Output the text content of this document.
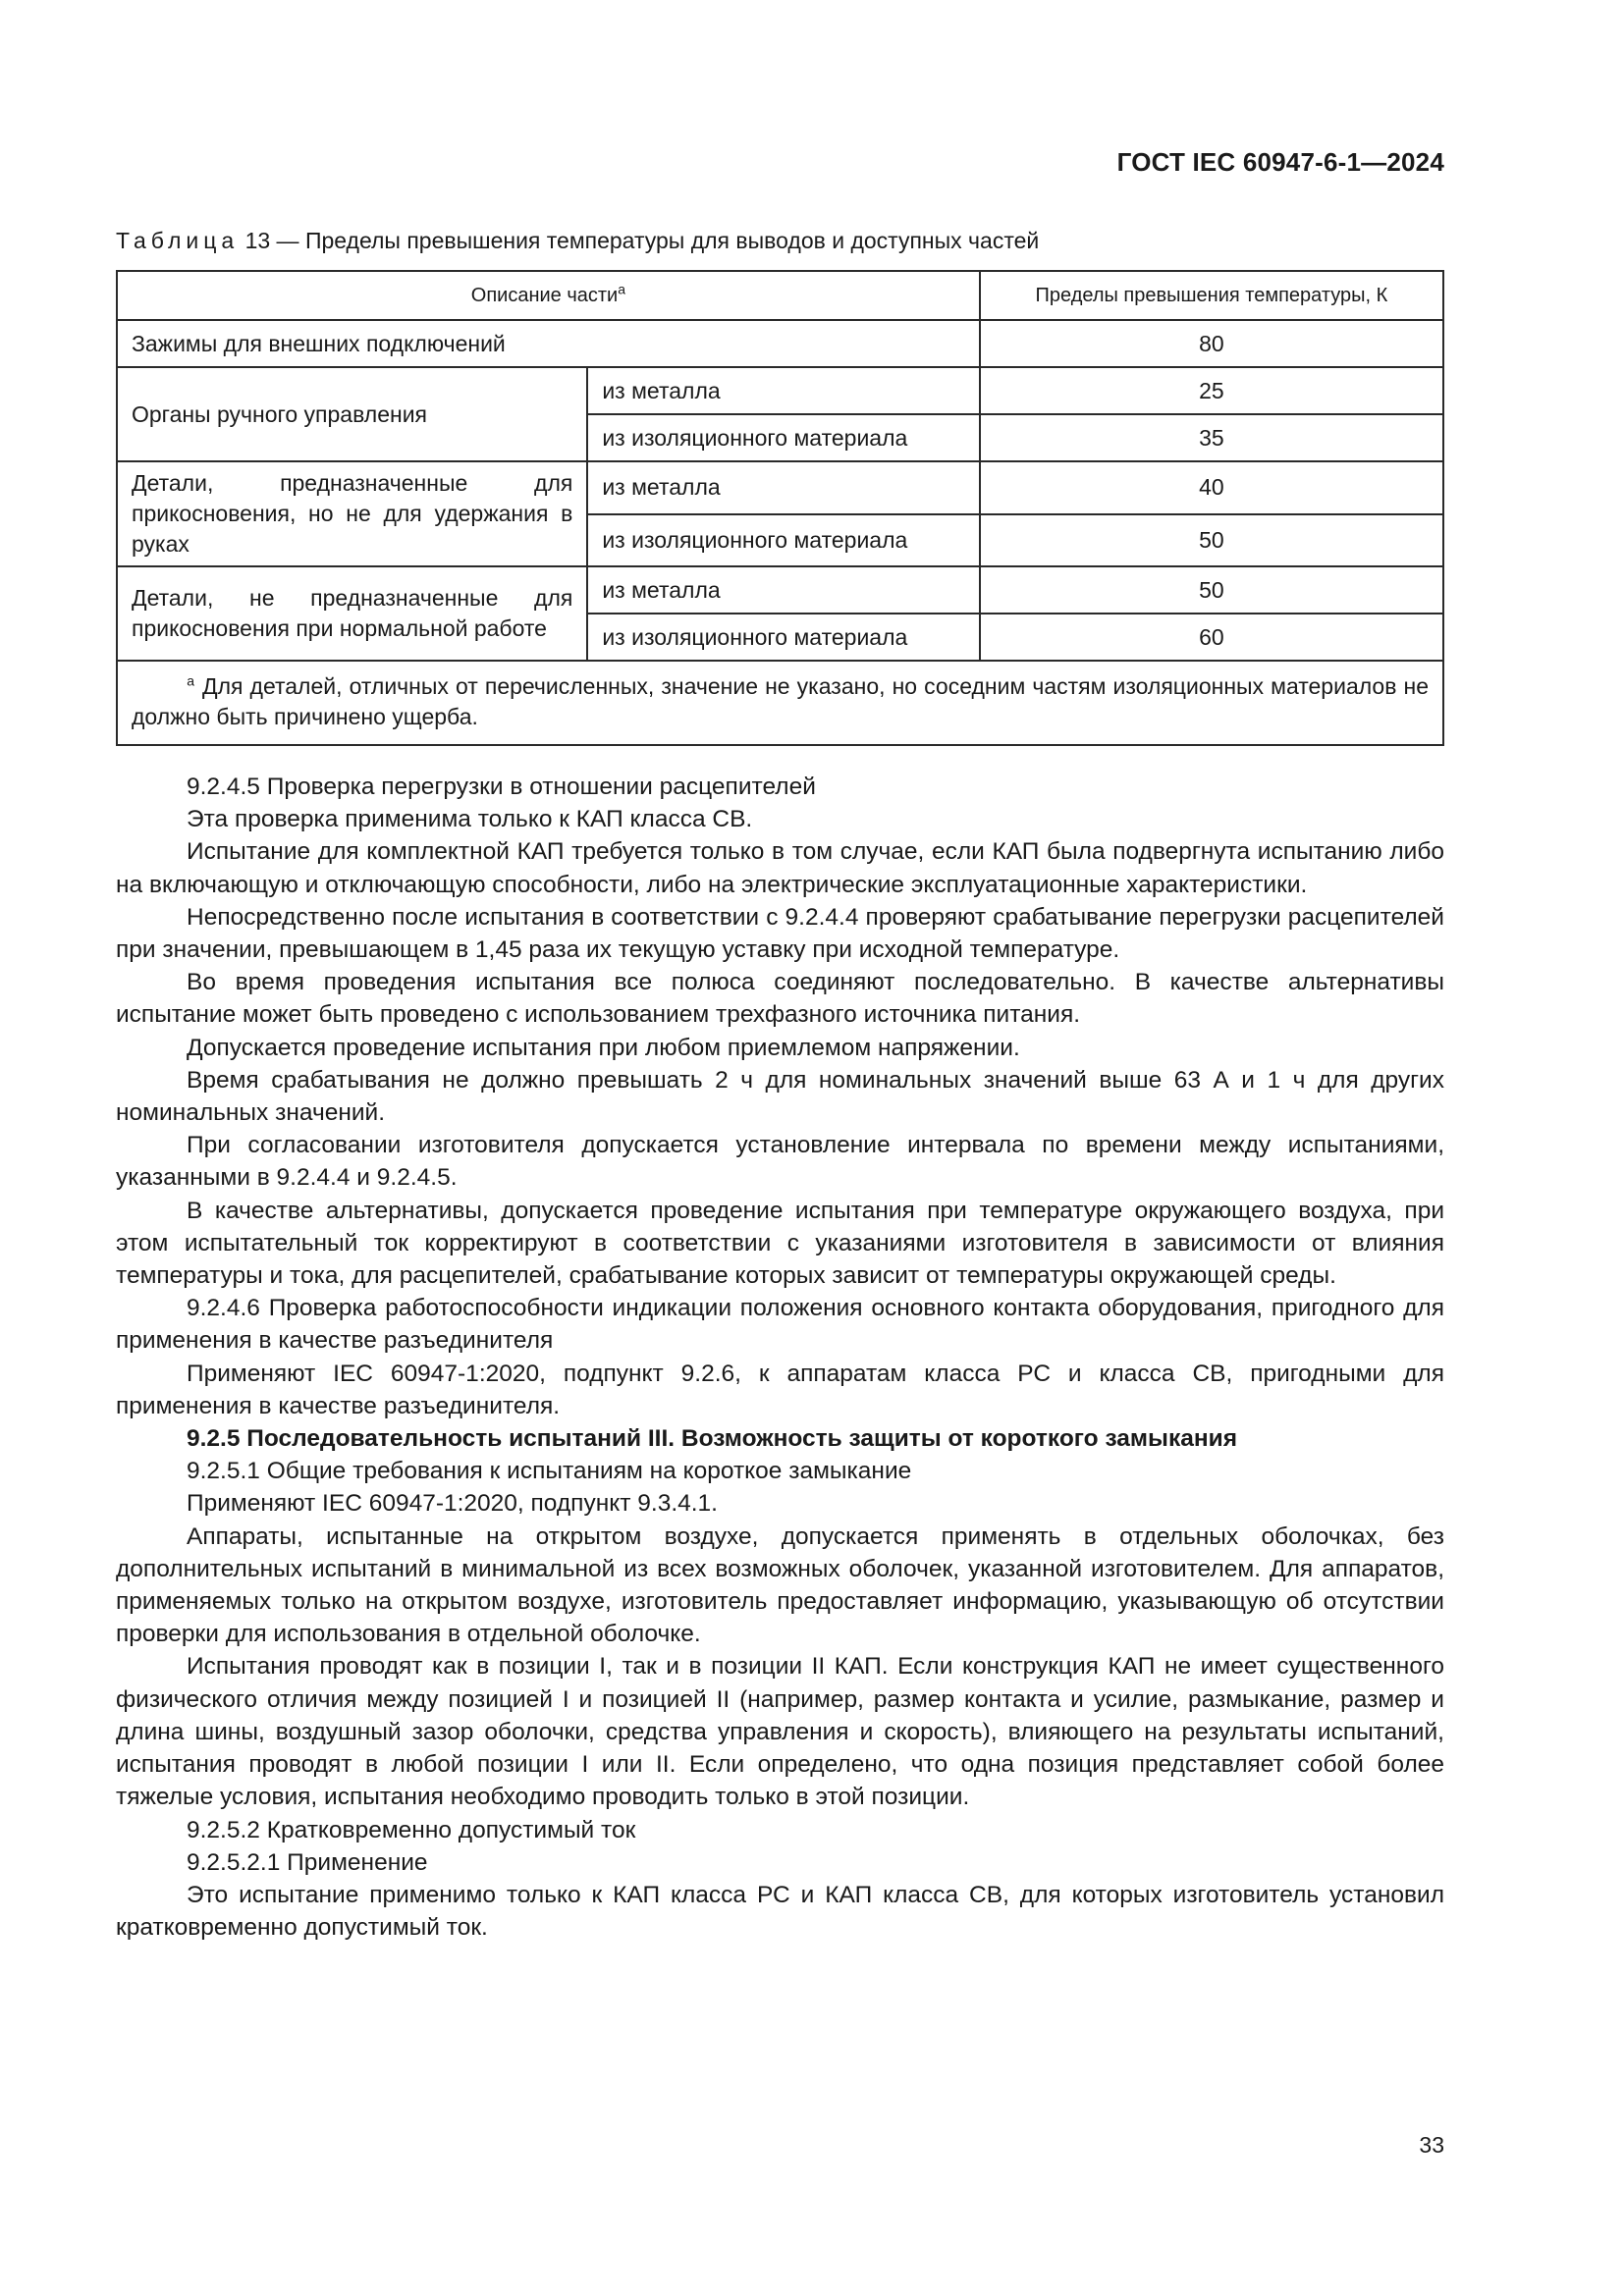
ГОСТ IEC 60947-6-1—2024
Таблица 13 — Пределы превышения температуры для выводов и доступных частей
Описание части$^a$		Пределы превышения температуры, К
Зажимы для внешних подключений		80
Органы ручного управления	из металла	25
	из изоляционного материала	35
Детали, предназначенные для прикосновения, но не для удержания в руках	из металла	40
	из изоляционного материала	50
Детали, не предназначенные для прикосновения при нормальной работе	из металла	50
	из изоляционного материала	60
$^a$ Для деталей, отличных от перечисленных, значение не указано, но соседним частям изоляционных материалов не должно быть причинено ущерба.		

9.2.4.5 Проверка перегрузки в отношении расцепителей

Эта проверка применима только к КАП класса СВ.

Испытание для комплектной КАП требуется только в том случае, если КАП была подвергнута испытанию либо на включающую и отключающую способности, либо на электрические эксплуатационные характеристики.

Непосредственно после испытания в соответствии с 9.2.4.4 проверяют срабатывание перегрузки расцепителей при значении, превышающем в 1,45 раза их текущую уставку при исходной температуре.

Во время проведения испытания все полюса соединяют последовательно. В качестве альтернативы испытание может быть проведено с использованием трехфазного источника питания.

Допускается проведение испытания при любом приемлемом напряжении.

Время срабатывания не должно превышать 2 ч для номинальных значений выше 63 А и 1 ч для других номинальных значений.

При согласовании изготовителя допускается установление интервала по времени между испытаниями, указанными в 9.2.4.4 и 9.2.4.5.

В качестве альтернативы, допускается проведение испытания при температуре окружающего воздуха, при этом испытательный ток корректируют в соответствии с указаниями изготовителя в зависимости от влияния температуры и тока, для расцепителей, срабатывание которых зависит от температуры окружающей среды.

9.2.4.6 Проверка работоспособности индикации положения основного контакта оборудования, пригодного для применения в качестве разъединителя

Применяют IEC 60947-1:2020, подпункт 9.2.6, к аппаратам класса РС и класса СВ, пригодными для применения в качестве разъединителя.

9.2.5 Последовательность испытаний III. Возможность защиты от короткого замыкания

9.2.5.1 Общие требования к испытаниям на короткое замыкание

Применяют IEC 60947-1:2020, подпункт 9.3.4.1.

Аппараты, испытанные на открытом воздухе, допускается применять в отдельных оболочках, без дополнительных испытаний в минимальной из всех возможных оболочек, указанной изготовителем. Для аппаратов, применяемых только на открытом воздухе, изготовитель предоставляет информацию, указывающую об отсутствии проверки для использования в отдельной оболочке.

Испытания проводят как в позиции I, так и в позиции II КАП. Если конструкция КАП не имеет существенного физического отличия между позицией I и позицией II (например, размер контакта и усилие, размыкание, размер и длина шины, воздушный зазор оболочки, средства управления и скорость), влияющего на результаты испытаний, испытания проводят в любой позиции I или II. Если определено, что одна позиция представляет собой более тяжелые условия, испытания необходимо проводить только в этой позиции.

9.2.5.2 Кратковременно допустимый ток

9.2.5.2.1 Применение

Это испытание применимо только к КАП класса РС и КАП класса СВ, для которых изготовитель установил кратковременно допустимый ток.

33
